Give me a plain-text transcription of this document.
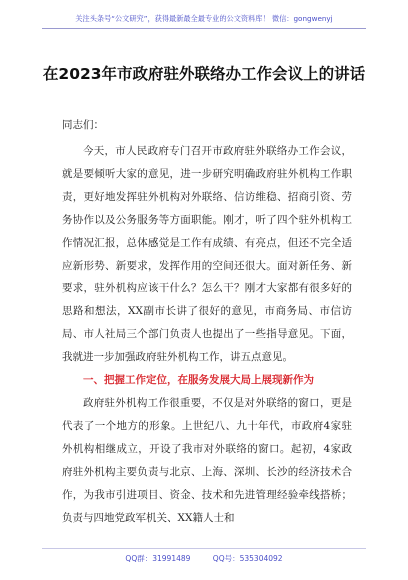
关注头条号“公文研究”，获得最新最全最专业的公文资料库！ 微信：gongwenyj
在2023年市政府驻外联络办工作会议上的讲话
同志们：

今天，市人民政府专门召开市政府驻外联络办工作会议，就是要倾听大家的意见，进一步研究明确政府驻外机构工作职责，更好地发挥驻外机构对外联络、信访维稳、招商引资、劳务协作以及公务服务等方面职能。刚才，听了四个驻外机构工作情况汇报，总体感觉是工作有成绩、有亮点，但还不完全适应新形势、新要求，发挥作用的空间还很大。面对新任务、新要求，驻外机构应该干什么？怎么干？刚才大家都有很多好的思路和想法，XX副市长讲了很好的意见，市商务局、市信访局、市人社局三个部门负责人也提出了一些指导意见。下面，我就进一步加强政府驻外机构工作，讲五点意见。

一、把握工作定位，在服务发展大局上展现新作为

政府驻外机构工作很重要，不仅是对外联络的窗口，更是代表了一个地方的形象。上世纪八、九十年代，市政府4家驻外机构相继成立，开设了我市对外联络的窗口。起初，4家政府驻外机构主要负责与北京、上海、深圳、长沙的经济技术合作，为我市引进项目、资金、技术和先进管理经验牵线搭桥；负责与四地党政军机关、XX籍人士和

QQ群：31991489	QQ号：535304092
